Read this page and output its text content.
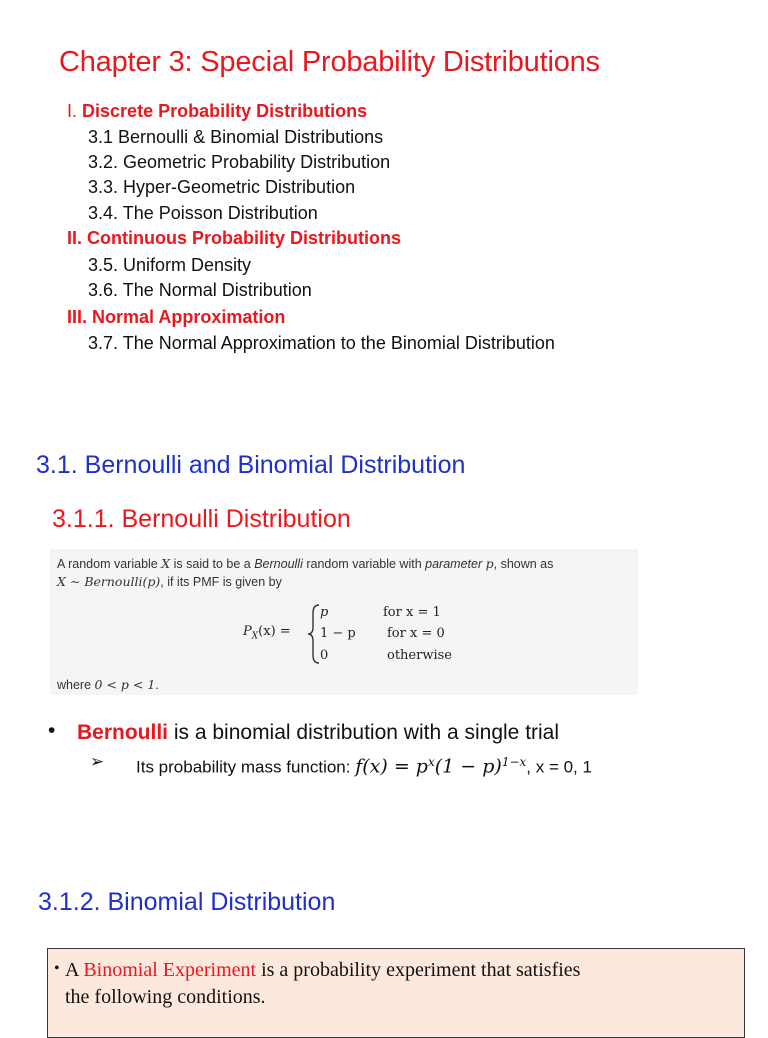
Chapter 3: Special Probability Distributions
I. Discrete Probability Distributions
3.1 Bernoulli & Binomial Distributions
3.2. Geometric Probability Distribution
3.3. Hyper-Geometric Distribution
3.4. The Poisson Distribution
II. Continuous Probability Distributions
3.5. Uniform Density
3.6. The Normal Distribution
III. Normal Approximation
3.7. The Normal Approximation to the Binomial Distribution
3.1. Bernoulli and Binomial Distribution
3.1.1. Bernoulli Distribution
A random variable X is said to be a Bernoulli random variable with parameter p, shown as
X ∼ Bernoulli(p), if its PMF is given by
$P_X(x)$ =
p
1 − p
0
for x = 1
for x = 0
otherwise
where 0 < p < 1.
• Bernoulli is a binomial distribution with a single trial
➢ Its probability mass function: $f(x) = p^x(1 - p)^{1-x}$, x = 0, 1
3.1.2. Binomial Distribution
• A Binomial Experiment is a probability experiment that satisfies
the following conditions.
